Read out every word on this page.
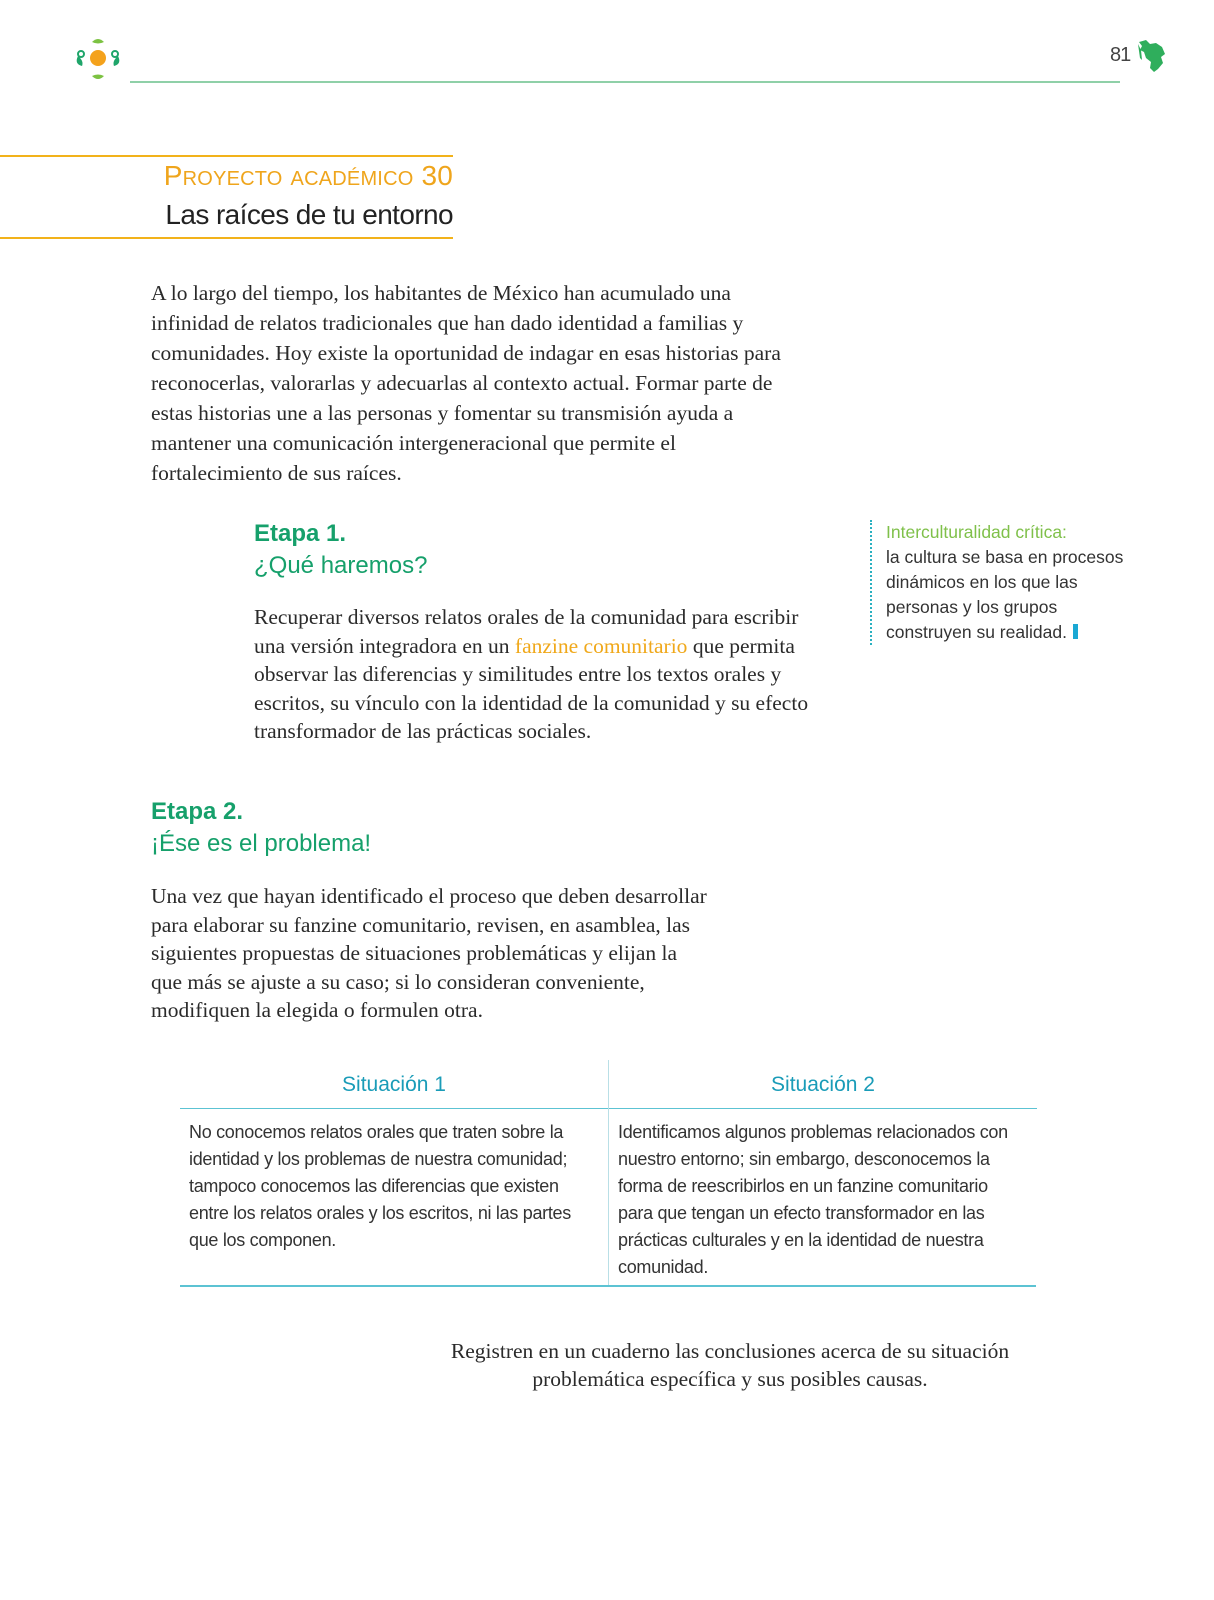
81
Proyecto académico 30
Las raíces de tu entorno

A lo largo del tiempo, los habitantes de México han acumulado una infinidad de relatos tradicionales que han dado identidad a familias y comunidades. Hoy existe la oportunidad de indagar en esas historias para reconocerlas, valorarlas y adecuarlas al contexto actual. Formar parte de estas historias une a las personas y fomentar su transmisión ayuda a mantener una comunicación intergeneracional que permite el fortalecimiento de sus raíces.

Etapa 1.

¿Qué haremos?

Recuperar diversos relatos orales de la comunidad para escribir una versión integradora en un fanzine comunitario que permita observar las diferencias y similitudes entre los textos orales y escritos, su vínculo con la identidad de la comunidad y su efecto transformador de las prácticas sociales.

Interculturalidad crítica:
la cultura se basa en procesos dinámicos en los que las personas y los grupos construyen su realidad.

Etapa 2.

¡Ése es el problema!

Una vez que hayan identificado el proceso que deben desarrollar para elaborar su fanzine comunitario, revisen, en asamblea, las siguientes propuestas de situaciones problemáticas y elijan la que más se ajuste a su caso; si lo consideran conveniente, modifiquen la elegida o formulen otra.

Situación 1
No conocemos relatos orales que traten sobre la identidad y los problemas de nuestra comunidad; tampoco conocemos las diferencias que existen entre los relatos orales y los escritos, ni las partes que los componen.
Situación 2
Identificamos algunos problemas relacionados con nuestro entorno; sin embargo, desconocemos la forma de reescribirlos en un fanzine comunitario para que tengan un efecto transformador en las prácticas culturales y en la identidad de nuestra comunidad.

Registren en un cuaderno las conclusiones acerca de su situación problemática específica y sus posibles causas.
